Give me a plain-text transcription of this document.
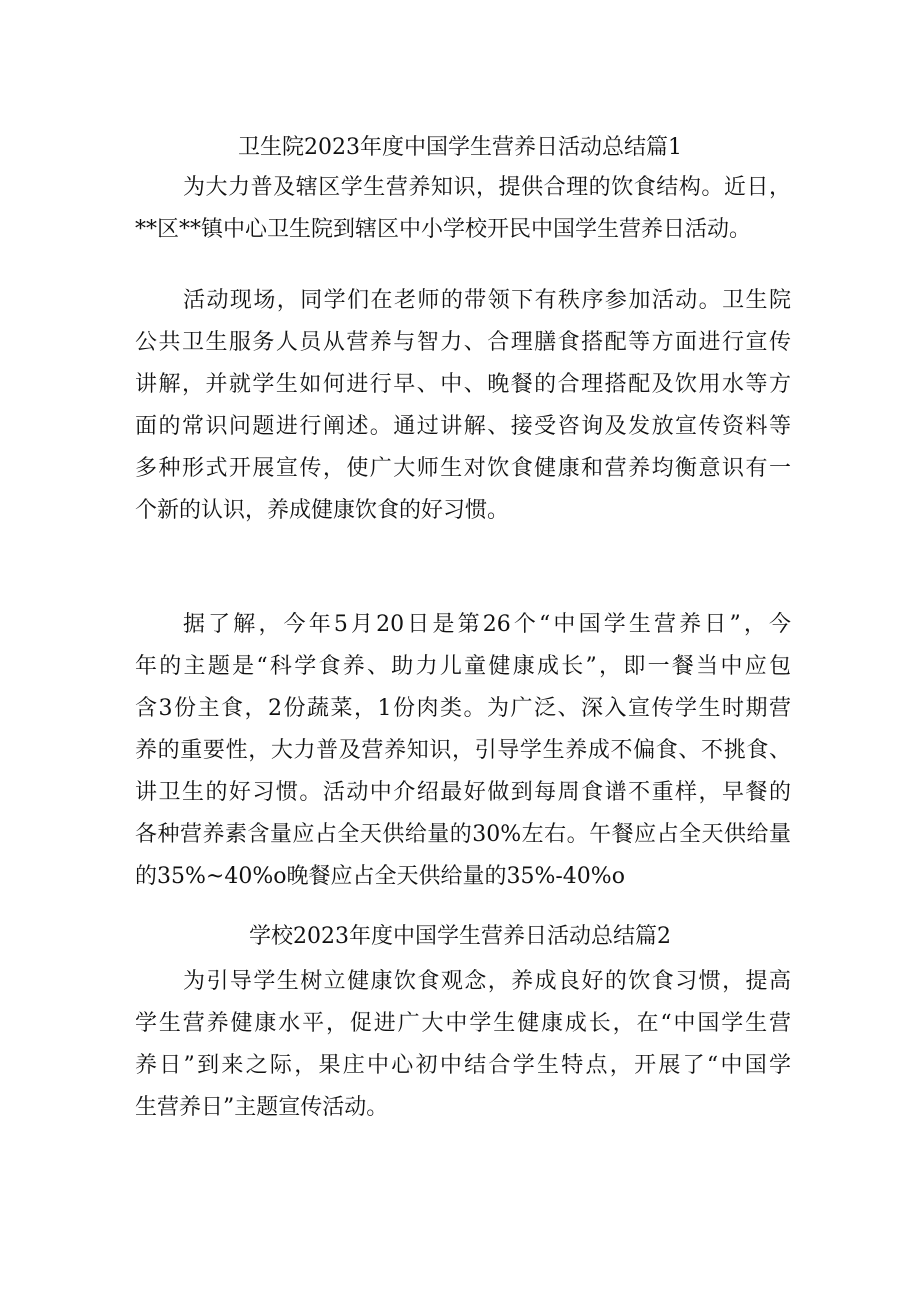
卫生院2023年度中国学生营养日活动总结篇1
为大力普及辖区学生营养知识，提供合理的饮食结构。近日，
**区**镇中心卫生院到辖区中小学校开民中国学生营养日活动。
活动现场，同学们在老师的带领下有秩序参加活动。卫生院
公共卫生服务人员从营养与智力、合理膳食搭配等方面进行宣传
讲解，并就学生如何进行早、中、晚餐的合理搭配及饮用水等方
面的常识问题进行阐述。通过讲解、接受咨询及发放宣传资料等
多种形式开展宣传，使广大师生对饮食健康和营养均衡意识有一
个新的认识，养成健康饮食的好习惯。
据了解，今年5月20日是第26个“中国学生营养日”，今
年的主题是“科学食养、助力儿童健康成长”，即一餐当中应包
含3份主食，2份蔬菜，1份肉类。为广泛、深入宣传学生时期营
养的重要性，大力普及营养知识，引导学生养成不偏食、不挑食、
讲卫生的好习惯。活动中介绍最好做到每周食谱不重样，早餐的
各种营养素含量应占全天供给量的30%左右。午餐应占全天供给量
的35%~40%o晚餐应占全天供给量的35%-40%o
学校2023年度中国学生营养日活动总结篇2
为引导学生树立健康饮食观念，养成良好的饮食习惯，提高
学生营养健康水平，促进广大中学生健康成长，在“中国学生营
养日”到来之际，果庄中心初中结合学生特点，开展了“中国学
生营养日”主题宣传活动。
